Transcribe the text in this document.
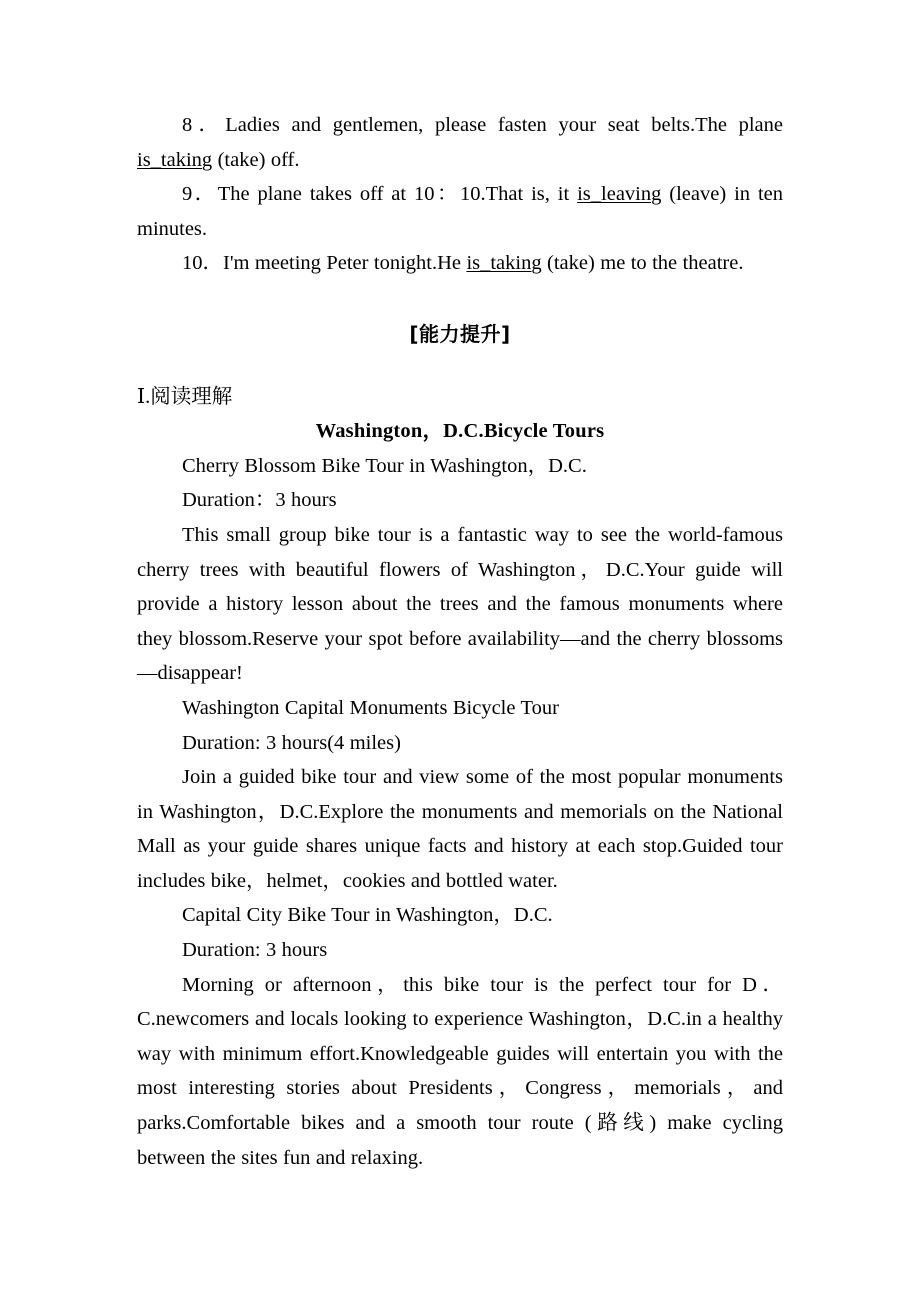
8．Ladies and gentlemen, please fasten your seat belts.The plane is_taking (take) off.

9．The plane takes off at 10：10.That is, it is_leaving (leave) in ten minutes.

10．I'm meeting Peter tonight.He is_taking (take) me to the theatre.

[能力提升]

Ⅰ.阅读理解

Washington，D.C.Bicycle Tours

Cherry Blossom Bike Tour in Washington，D.C.

Duration：3 hours

This small group bike tour is a fantastic way to see the world-famous cherry trees with beautiful flowers of Washington，D.C.Your guide will provide a history lesson about the trees and the famous monuments where they blossom.Reserve your spot before availability—and the cherry blossoms—disappear!

Washington Capital Monuments Bicycle Tour

Duration: 3 hours(4 miles)

Join a guided bike tour and view some of the most popular monuments in Washington，D.C.Explore the monuments and memorials on the National Mall as your guide shares unique facts and history at each stop.Guided tour includes bike，helmet，cookies and bottled water.

Capital City Bike Tour in Washington，D.C.

Duration: 3 hours

Morning or afternoon，this bike tour is the perfect tour for D．C.newcomers and locals looking to experience Washington，D.C.in a healthy way with minimum effort.Knowledgeable guides will entertain you with the most interesting stories about Presidents，Congress，memorials，and parks.Comfortable bikes and a smooth tour route (路线) make cycling between the sites fun and relaxing.
